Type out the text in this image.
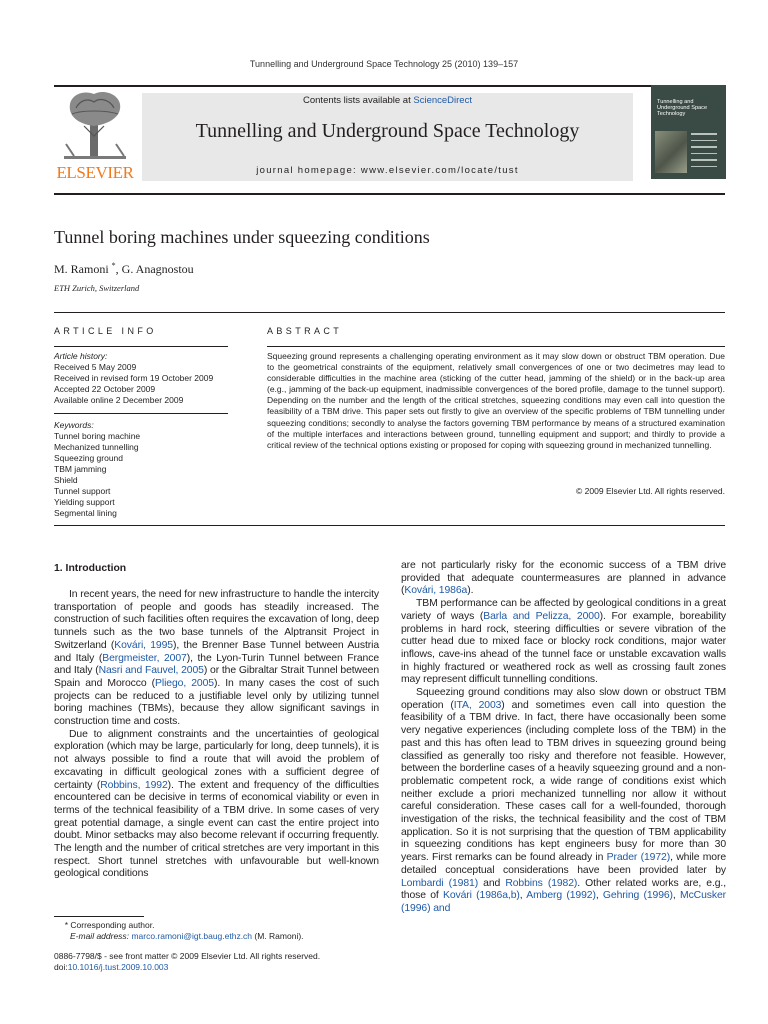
Tunnelling and Underground Space Technology 25 (2010) 139–157
ELSEVIER
Contents lists available at ScienceDirect
Tunnelling and Underground Space Technology
journal homepage: www.elsevier.com/locate/tust
Tunnelling and Underground Space Technology
Tunnel boring machines under squeezing conditions
M. Ramoni *, G. Anagnostou
ETH Zurich, Switzerland
ARTICLE INFO
Article history:
Received 5 May 2009
Received in revised form 19 October 2009
Accepted 22 October 2009
Available online 2 December 2009
Keywords:
Tunnel boring machine
Mechanized tunnelling
Squeezing ground
TBM jamming
Shield
Tunnel support
Yielding support
Segmental lining
ABSTRACT
Squeezing ground represents a challenging operating environment as it may slow down or obstruct TBM operation. Due to the geometrical constraints of the equipment, relatively small convergences of one or two decimetres may lead to considerable difficulties in the machine area (sticking of the cutter head, jamming of the shield) or in the back-up area (e.g., jamming of the back-up equipment, inadmissible convergences of the bored profile, damage to the tunnel support). Depending on the number and the length of the critical stretches, squeezing conditions may even call into question the feasibility of a TBM drive. This paper sets out firstly to give an overview of the specific problems of TBM tunnelling under squeezing conditions; secondly to analyse the factors governing TBM performance by means of a structured examination of the multiple interfaces and interactions between ground, tunnelling equipment and support; and thirdly to provide a critical review of the technical options existing or proposed for coping with squeezing ground in mechanized tunnelling.
© 2009 Elsevier Ltd. All rights reserved.
1. Introduction

In recent years, the need for new infrastructure to handle the intercity transportation of people and goods has steadily increased. The construction of such facilities often requires the excavation of long, deep tunnels such as the two base tunnels of the Alptransit Project in Switzerland (Kovári, 1995), the Brenner Base Tunnel between Austria and Italy (Bergmeister, 2007), the Lyon-Turin Tunnel between France and Italy (Nasri and Fauvel, 2005) or the Gibraltar Strait Tunnel between Spain and Morocco (Pliego, 2005). In many cases the cost of such projects can be reduced to a justifiable level only by utilizing tunnel boring machines (TBMs), because they allow significant savings in construction time and costs.

Due to alignment constraints and the uncertainties of geological exploration (which may be large, particularly for long, deep tunnels), it is not always possible to find a route that will avoid the problem of excavating in difficult geological zones with a sufficient degree of certainty (Robbins, 1992). The extent and frequency of the difficulties encountered can be decisive in terms of economical viability or even in terms of the technical feasibility of a TBM drive. In some cases of very great potential damage, a single event can cast the entire project into doubt. Minor setbacks may also become relevant if occurring frequently. The length and the number of critical stretches are very important in this respect. Short tunnel stretches with unfavourable but well-known geological conditions

are not particularly risky for the economic success of a TBM drive provided that adequate countermeasures are planned in advance (Kovári, 1986a).

TBM performance can be affected by geological conditions in a great variety of ways (Barla and Pelizza, 2000). For example, boreability problems in hard rock, steering difficulties or severe vibration of the cutter head due to mixed face or blocky rock conditions, major water inflows, cave-ins ahead of the tunnel face or unstable excavation walls in highly fractured or weathered rock as well as crossing fault zones may represent difficult tunnelling conditions.

Squeezing ground conditions may also slow down or obstruct TBM operation (ITA, 2003) and sometimes even call into question the feasibility of a TBM drive. In fact, there have occasionally been some very negative experiences (including complete loss of the TBM) in the past and this has often lead to TBM drives in squeezing ground being classified as generally too risky and therefore not feasible. However, between the borderline cases of a heavily squeezing ground and a non-problematic competent rock, a wide range of conditions exist which neither exclude a priori mechanized tunnelling nor allow it without careful consideration. These cases call for a well-founded, thorough investigation of the risks, the technical feasibility and the cost of TBM application. So it is not surprising that the question of TBM applicability in squeezing conditions has kept engineers busy for more than 30 years. First remarks can be found already in Prader (1972), while more detailed conceptual considerations have been provided later by Lombardi (1981) and Robbins (1982). Other related works are, e.g., those of Kovári (1986a,b), Amberg (1992), Gehring (1996), McCusker (1996) and

* Corresponding author.
E-mail address: marco.ramoni@igt.baug.ethz.ch (M. Ramoni).
0886-7798/$ - see front matter © 2009 Elsevier Ltd. All rights reserved.
doi:10.1016/j.tust.2009.10.003
